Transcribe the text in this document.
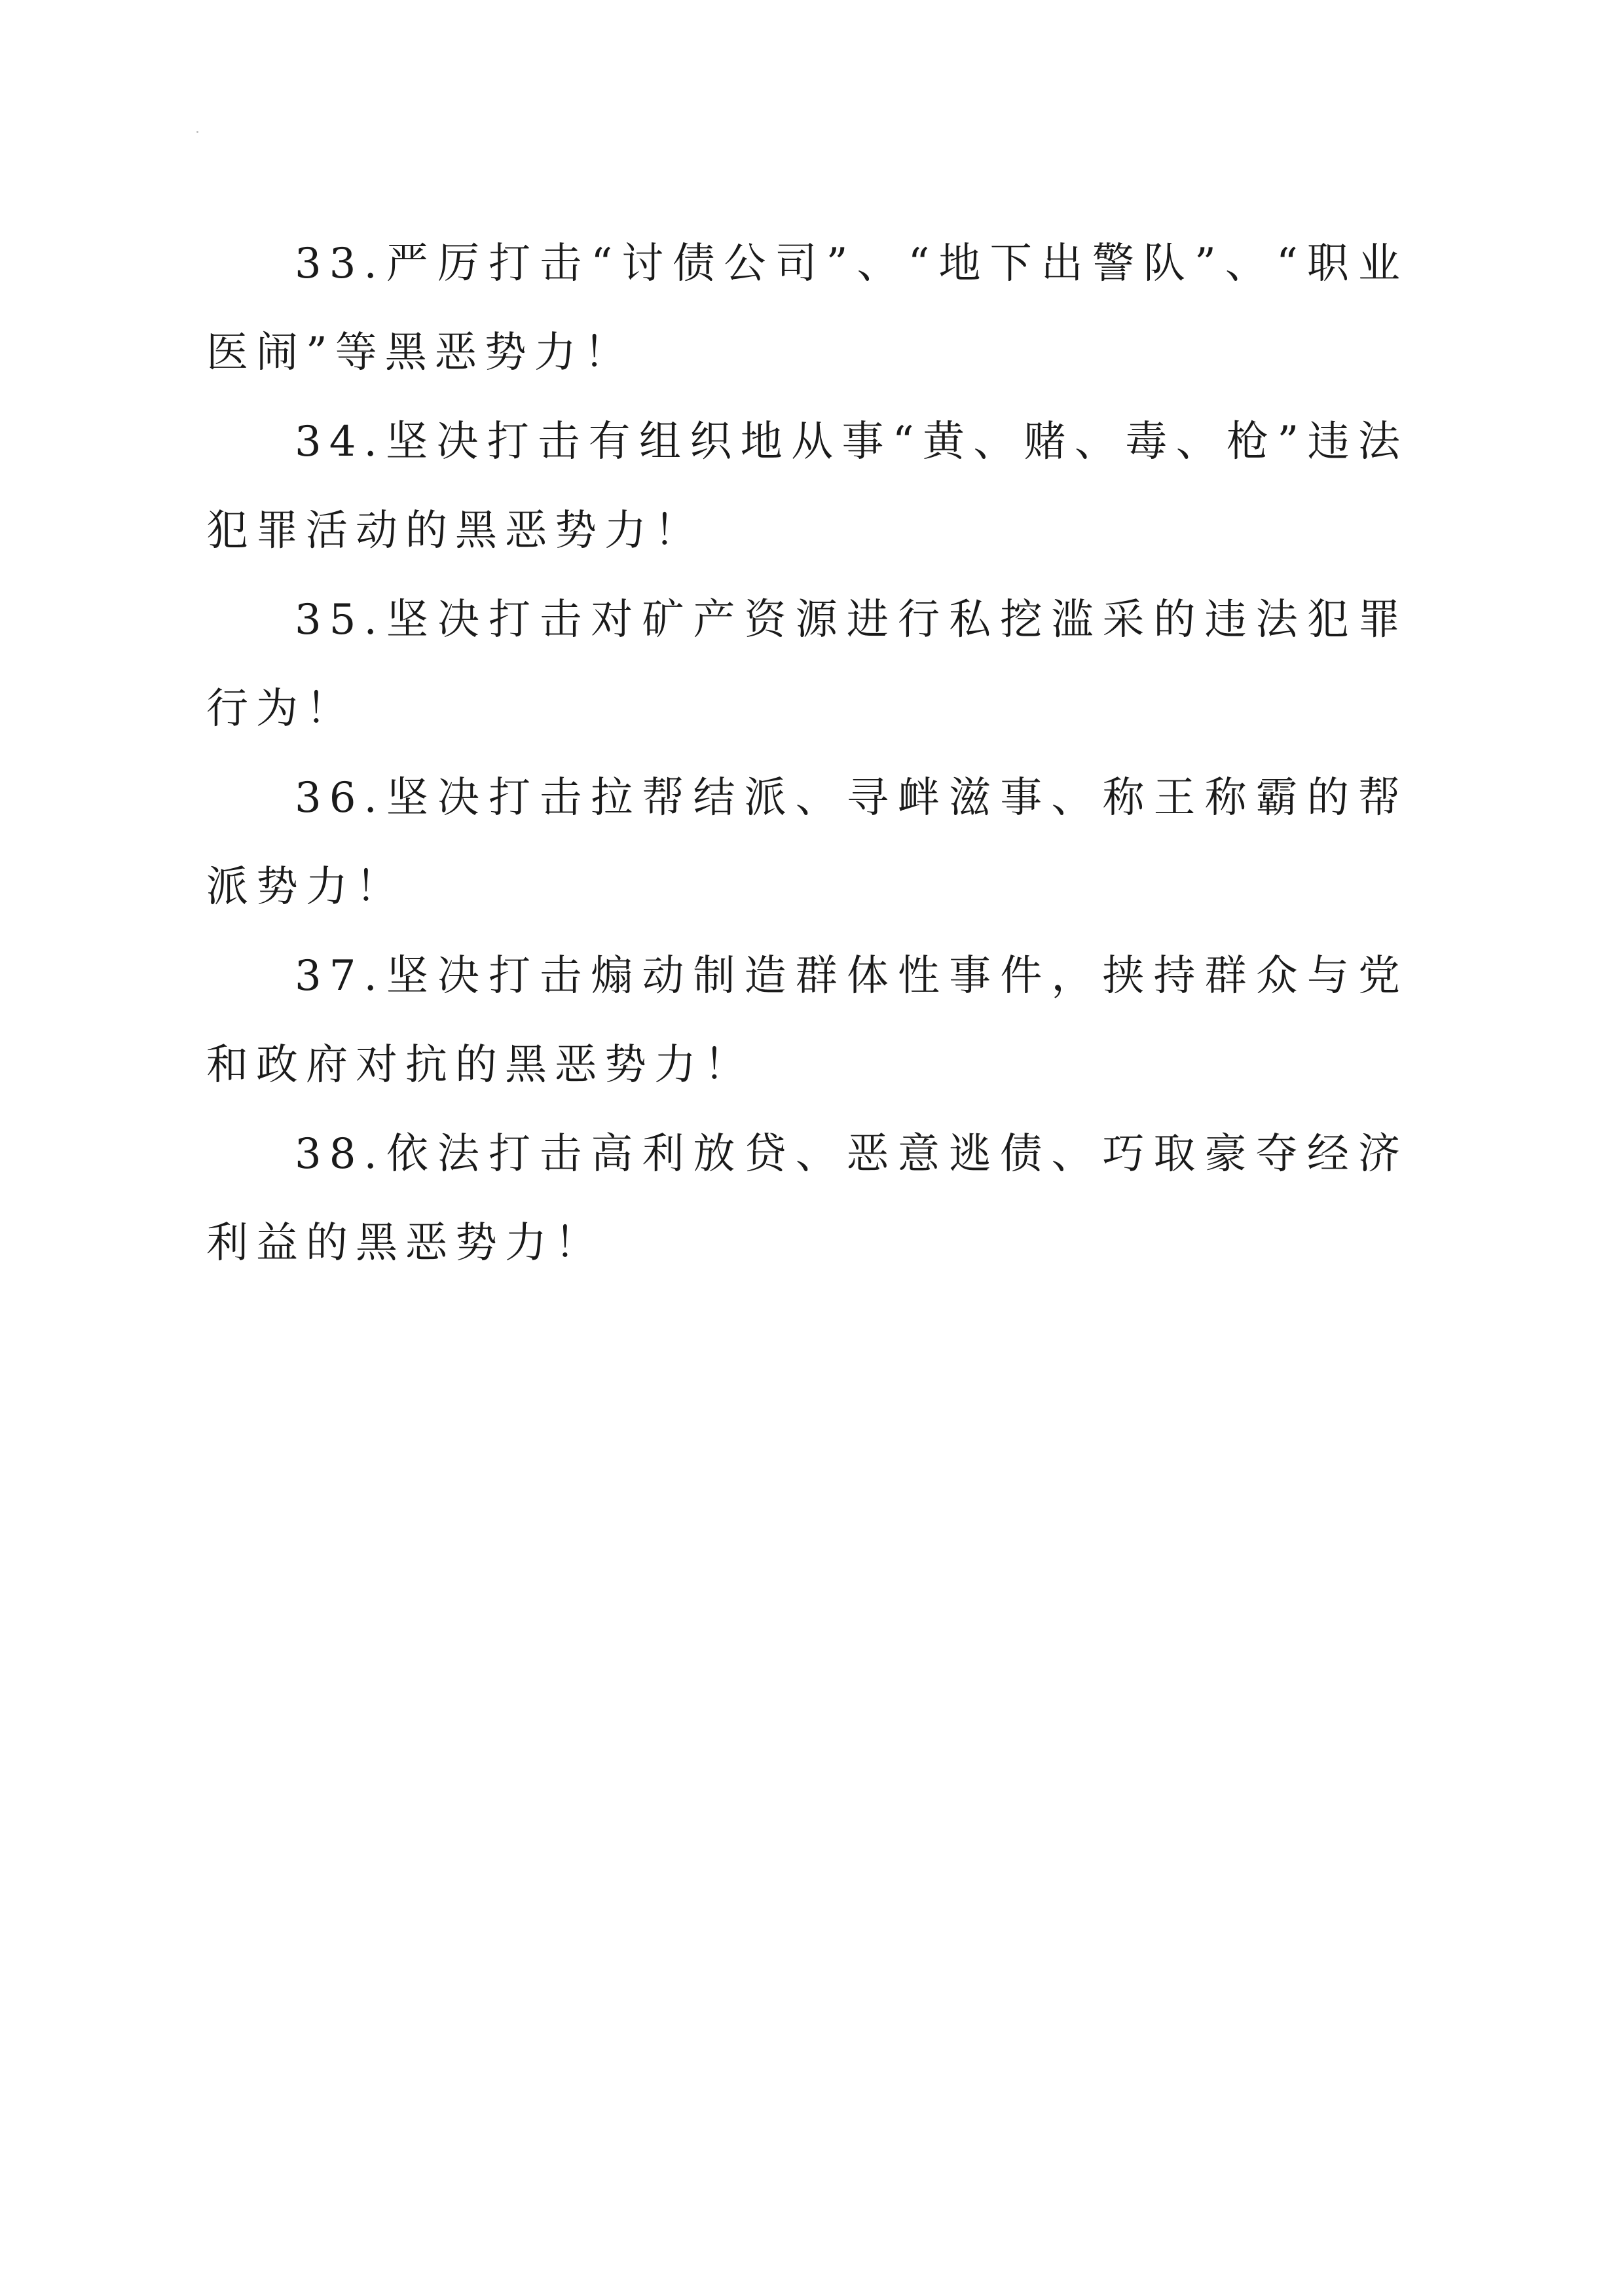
33.严厉打击“讨债公司”、“地下出警队”、“职业医闹”等黑恶势力！

34.坚决打击有组织地从事“黄、赌、毒、枪”违法犯罪活动的黑恶势力！

35.坚决打击对矿产资源进行私挖滥采的违法犯罪行为！

36.坚决打击拉帮结派、寻衅滋事、称王称霸的帮派势力！

37.坚决打击煽动制造群体性事件，挟持群众与党和政府对抗的黑恶势力！

38.依法打击高利放贷、恶意逃债、巧取豪夺经济利益的黑恶势力！
